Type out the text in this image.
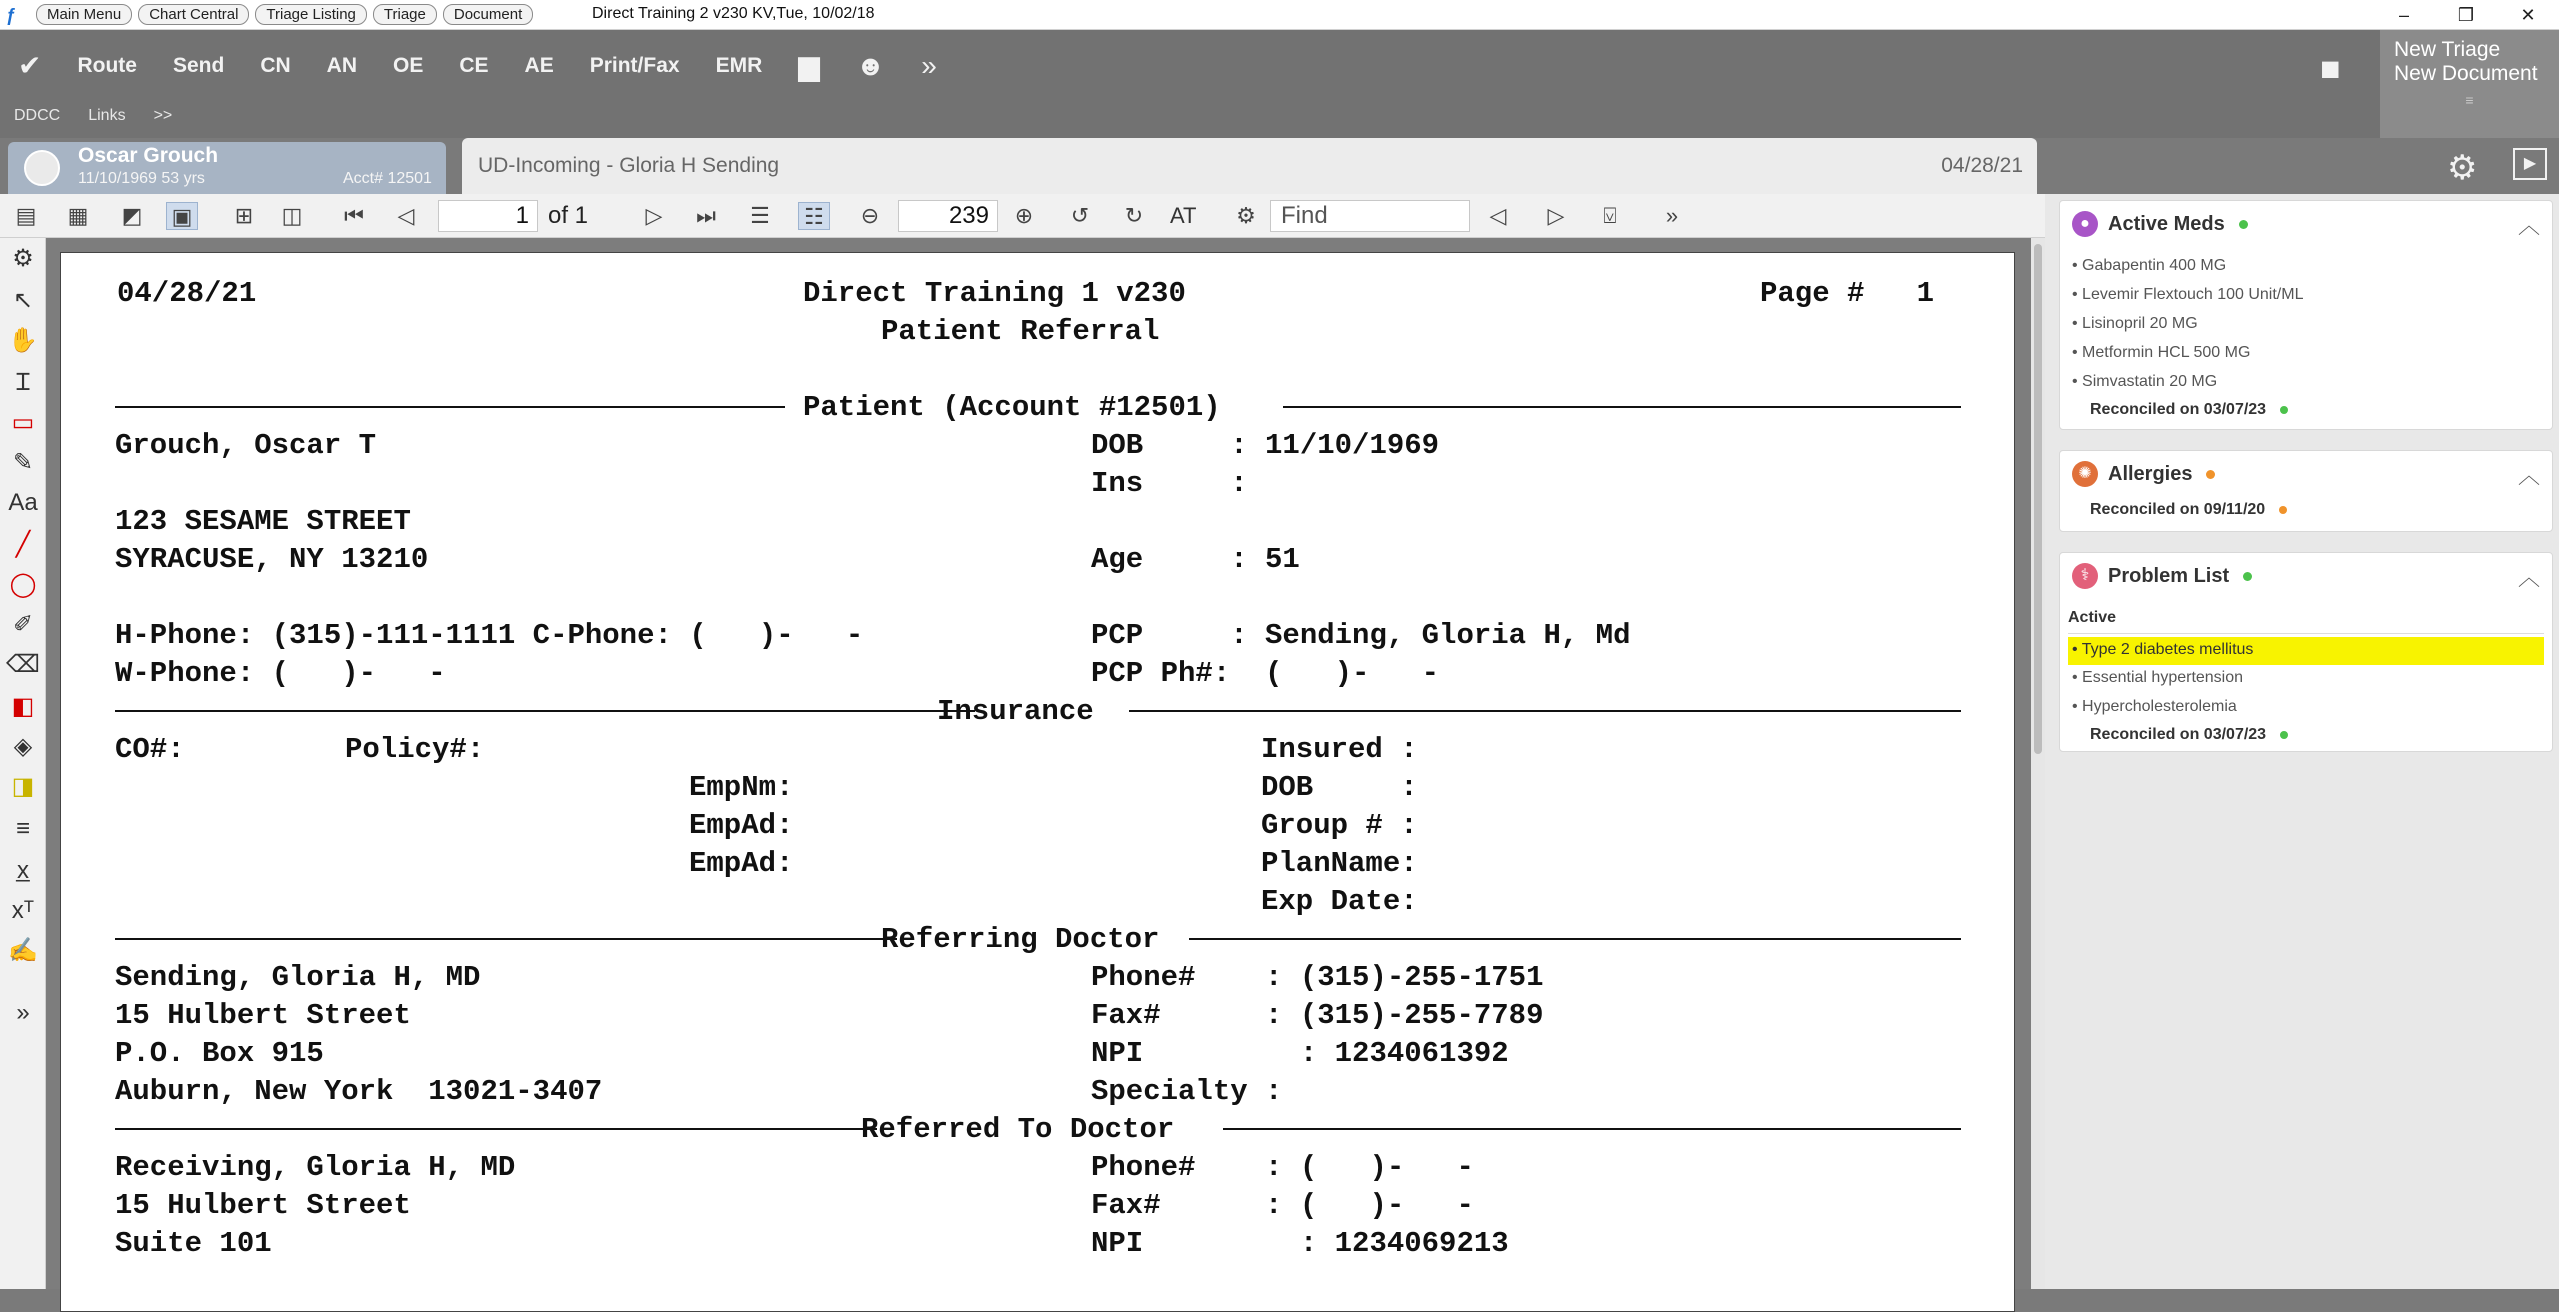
ƒ	Main Menu	Chart Central	Triage Listing	Triage	Document	Direct Training 2 v230 KV,Tue, 10/02/18	–	❒	✕
✔	Route	Send	CN	AN	OE	CE	AE	Print/Fax	EMR	▆	☻	»
DDCC	Links	>>
■
New Triage
New Document
≡
Oscar Grouch
11/10/1969 53 yrs	Acct# 12501
UD-Incoming - Gloria H Sending	04/28/21	⚙	▶
▤ ▦ ◩ ▣	⊞	◫ ⏮	◁	1 of 1	▷	⏭ ☰ ☷	⊖	239	⊕	↺	↻	AT ⚙	Find	◁	▷	⍌	»
⚙
↖
✋
Ɪ
▭
✎
Aa
╱
◯
✐
⌫
◧
◈
◨
≡
x̲
xᵀ
✍
»
04/28/21	Direct Training 1 v230	Page #   1
Patient Referral
Patient (Account #12501)
Grouch, Oscar T	DOB     : 11/10/1969
Ins     :
123 SESAME STREET
SYRACUSE, NY 13210	Age     : 51
H-Phone: (315)-111-1111 C-Phone: (   )-   -	PCP     : Sending, Gloria H, Md
W-Phone: (   )-   -	PCP Ph#:  (   )-   -
Insurance
CO#:	Policy#:	Insured :
EmpNm:	DOB     :
EmpAd:	Group # :
EmpAd:	PlanName:
Exp Date:
Referring Doctor
Sending, Gloria H, MD	Phone#    : (315)-255-1751
15 Hulbert Street	Fax#      : (315)-255-7789
P.O. Box 915	NPI         : 1234061392
Auburn, New York  13021-3407	Specialty :
Referred To Doctor
Receiving, Gloria H, MD	Phone#    : (   )-   -
15 Hulbert Street	Fax#      : (   )-   -
Suite 101	NPI         : 1234069213
● Active Meds	︿
• Gabapentin 400 MG
• Levemir Flextouch 100 Unit/ML
• Lisinopril 20 MG
• Metformin HCL 500 MG
• Simvastatin 20 MG
Reconciled on 03/07/23
✺ Allergies	︿
Reconciled on 09/11/20
⚕ Problem List	︿
Active
• Type 2 diabetes mellitus
• Essential hypertension
• Hypercholesterolemia
Reconciled on 03/07/23
